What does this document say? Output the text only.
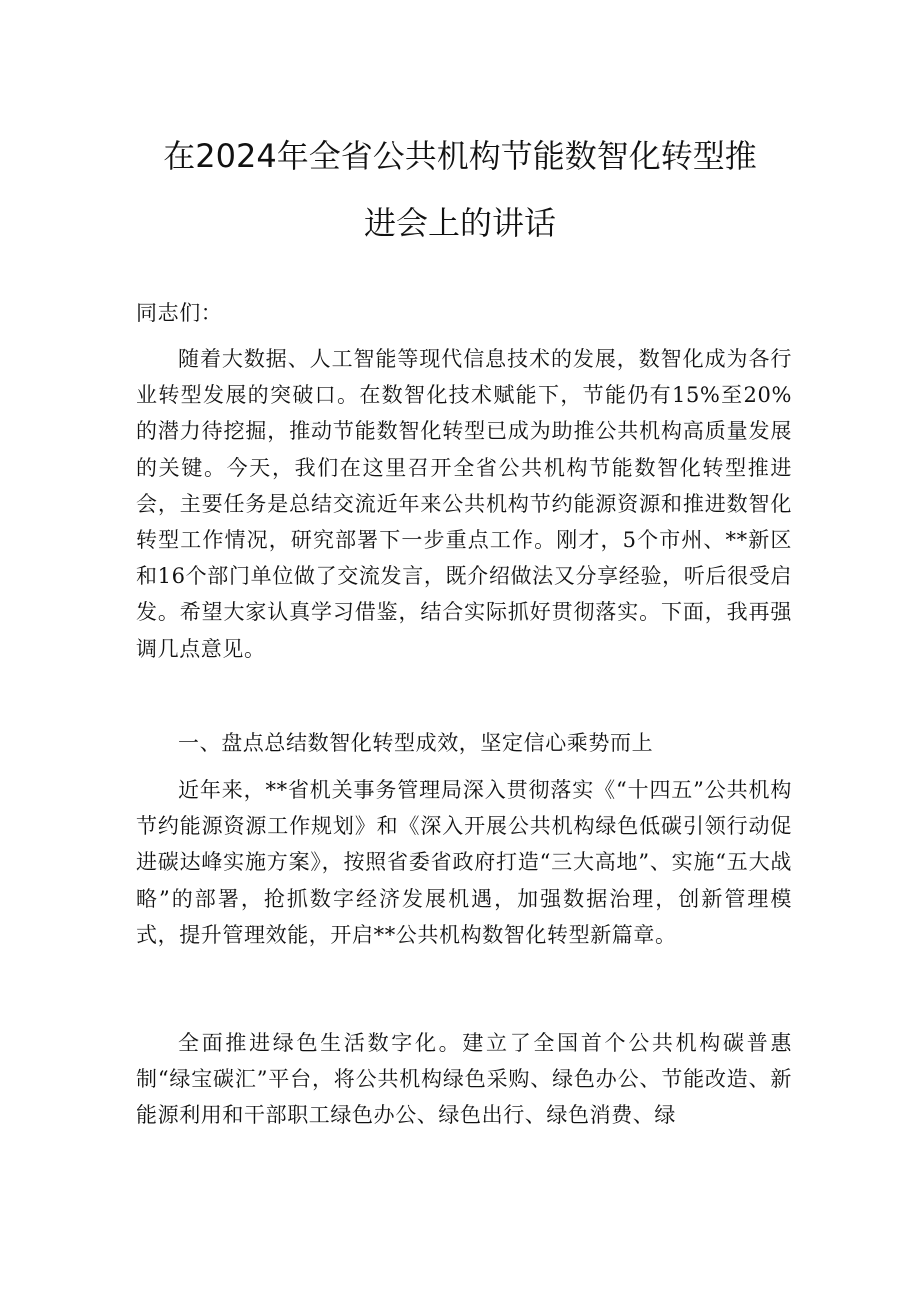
在2024年全省公共机构节能数智化转型推
进会上的讲话
同志们：
随着大数据、人工智能等现代信息技术的发展，数智化成为各行业转型发展的突破口。在数智化技术赋能下，节能仍有15%至20%的潜力待挖掘，推动节能数智化转型已成为助推公共机构高质量发展的关键。今天，我们在这里召开全省公共机构节能数智化转型推进会，主要任务是总结交流近年来公共机构节约能源资源和推进数智化转型工作情况，研究部署下一步重点工作。刚才，5个市州、**新区和16个部门单位做了交流发言，既介绍做法又分享经验，听后很受启发。希望大家认真学习借鉴，结合实际抓好贯彻落实。下面，我再强调几点意见。
一、盘点总结数智化转型成效，坚定信心乘势而上
近年来，**省机关事务管理局深入贯彻落实《“十四五”公共机构节约能源资源工作规划》和《深入开展公共机构绿色低碳引领行动促进碳达峰实施方案》，按照省委省政府打造“三大高地”、实施“五大战略”的部署，抢抓数字经济发展机遇，加强数据治理，创新管理模式，提升管理效能，开启**公共机构数智化转型新篇章。
全面推进绿色生活数字化。建立了全国首个公共机构碳普惠制“绿宝碳汇”平台，将公共机构绿色采购、绿色办公、节能改造、新能源利用和干部职工绿色办公、绿色出行、绿色消费、绿
